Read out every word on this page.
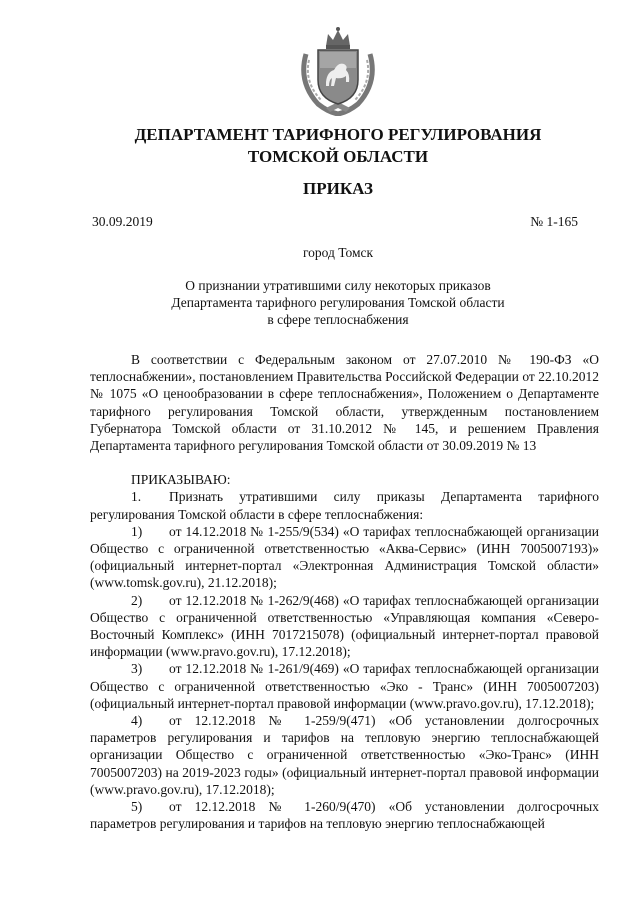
ДЕПАРТАМЕНТ ТАРИФНОГО РЕГУЛИРОВАНИЯ
ТОМСКОЙ ОБЛАСТИ
ПРИКАЗ
30.09.2019	№ 1-165
город Томск
О признании утратившими силу некоторых приказов
Департамента тарифного регулирования Томской области
в сфере теплоснабжения

В соответствии с Федеральным законом от 27.07.2010 № 190-ФЗ «О теплоснабжении», постановлением Правительства Российской Федерации от 22.10.2012 № 1075 «О ценообразовании в сфере теплоснабжения», Положением о Департаменте тарифного регулирования Томской области, утвержденным постановлением Губернатора Томской области от 31.10.2012 № 145, и решением Правления Департамента тарифного регулирования Томской области от 30.09.2019 № 13

ПРИКАЗЫВАЮ:

1. Признать утратившими силу приказы Департамента тарифного регулирования Томской области в сфере теплоснабжения:

1) от 14.12.2018 № 1-255/9(534) «О тарифах теплоснабжающей организации Общество с ограниченной ответственностью «Аква-Сервис» (ИНН 7005007193)» (официальный интернет-портал «Электронная Администрация Томской области» (www.tomsk.gov.ru), 21.12.2018);

2) от 12.12.2018 № 1-262/9(468) «О тарифах теплоснабжающей организации Общество с ограниченной ответственностью «Управляющая компания «Северо-Восточный Комплекс» (ИНН 7017215078) (официальный интернет-портал правовой информации (www.pravo.gov.ru), 17.12.2018);

3) от 12.12.2018 № 1-261/9(469) «О тарифах теплоснабжающей организации Общество с ограниченной ответственностью «Эко - Транс» (ИНН 7005007203) (официальный интернет-портал правовой информации (www.pravo.gov.ru), 17.12.2018);

4) от 12.12.2018 № 1-259/9(471) «Об установлении долгосрочных параметров регулирования и тарифов на тепловую энергию теплоснабжающей организации Общество с ограниченной ответственностью «Эко-Транс» (ИНН 7005007203) на 2019-2023 годы» (официальный интернет-портал правовой информации (www.pravo.gov.ru), 17.12.2018);

5) от 12.12.2018 № 1-260/9(470) «Об установлении долгосрочных параметров регулирования и тарифов на тепловую энергию теплоснабжающей
